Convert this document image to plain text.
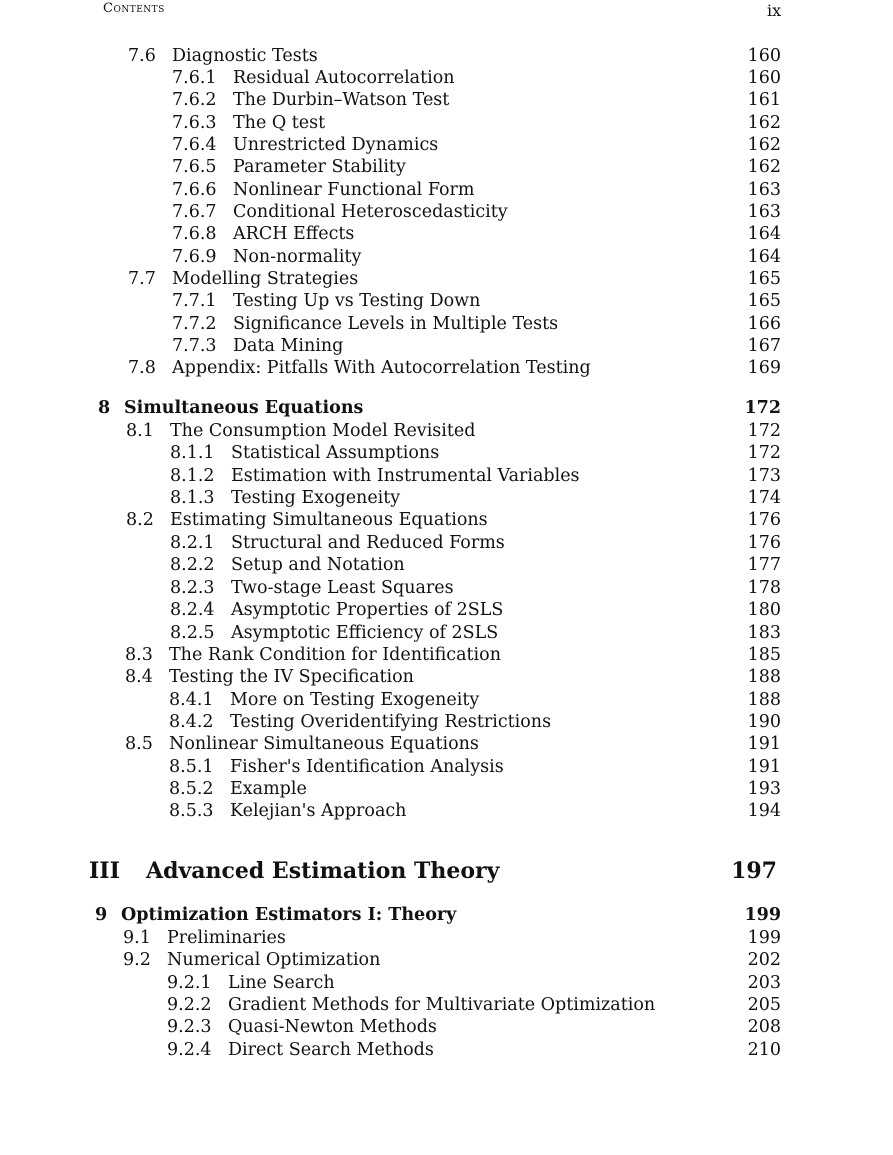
Contents	ix
7.6 Diagnostic Tests	160
7.6.1 Residual Autocorrelation	160
7.6.2 The Durbin–Watson Test	161
7.6.3 The Q test	162
7.6.4 Unrestricted Dynamics	162
7.6.5 Parameter Stability	162
7.6.6 Nonlinear Functional Form	163
7.6.7 Conditional Heteroscedasticity	163
7.6.8 ARCH Effects	164
7.6.9 Non-normality	164
7.7 Modelling Strategies	165
7.7.1 Testing Up vs Testing Down	165
7.7.2 Significance Levels in Multiple Tests	166
7.7.3 Data Mining	167
7.8 Appendix: Pitfalls With Autocorrelation Testing	169
8 Simultaneous Equations	172
8.1 The Consumption Model Revisited	172
8.1.1 Statistical Assumptions	172
8.1.2 Estimation with Instrumental Variables	173
8.1.3 Testing Exogeneity	174
8.2 Estimating Simultaneous Equations	176
8.2.1 Structural and Reduced Forms	176
8.2.2 Setup and Notation	177
8.2.3 Two-stage Least Squares	178
8.2.4 Asymptotic Properties of 2SLS	180
8.2.5 Asymptotic Efficiency of 2SLS	183
8.3 The Rank Condition for Identification	185
8.4 Testing the IV Specification	188
8.4.1 More on Testing Exogeneity	188
8.4.2 Testing Overidentifying Restrictions	190
8.5 Nonlinear Simultaneous Equations	191
8.5.1 Fisher's Identification Analysis	191
8.5.2 Example	193
8.5.3 Kelejian's Approach	194
III Advanced Estimation Theory	197
9 Optimization Estimators I: Theory	199
9.1 Preliminaries	199
9.2 Numerical Optimization	202
9.2.1 Line Search	203
9.2.2 Gradient Methods for Multivariate Optimization	205
9.2.3 Quasi-Newton Methods	208
9.2.4 Direct Search Methods	210
